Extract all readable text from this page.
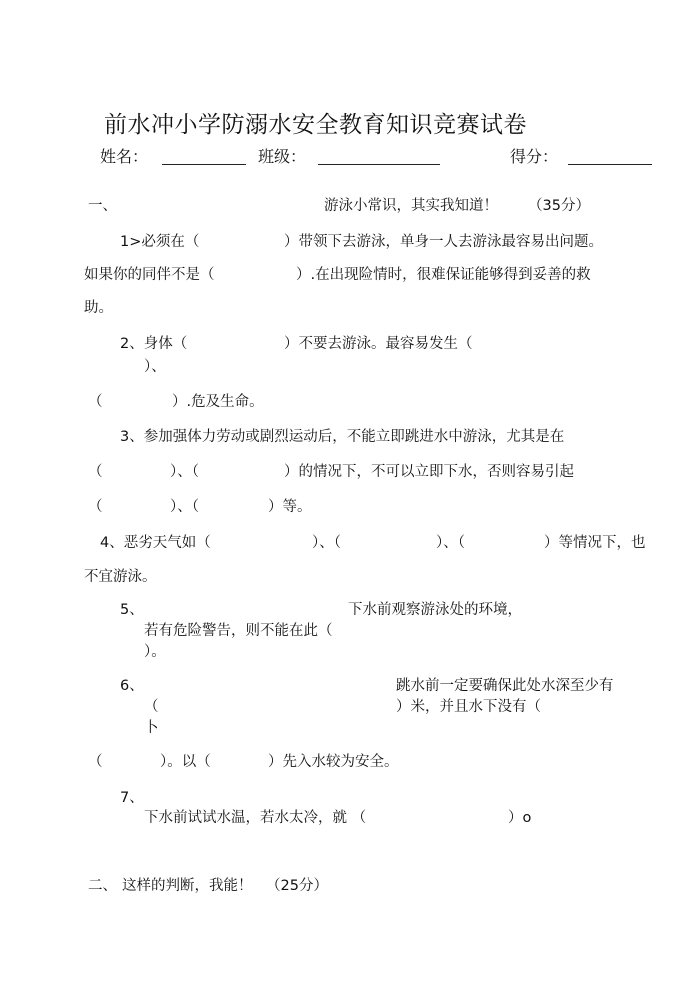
前水冲小学防溺水安全教育知识竞赛试卷
姓名：	班级：	得分：
一、	游泳小常识，其实我知道！ （35分）
1>必须在（	）带领下去游泳，单身一人去游泳最容易出问题。
如果你的同伴不是（	）.在出现险情时，很难保证能够得到妥善的救
助。
2、身体（	）不要去游泳。最容易发生（
）、
（	）.危及生命。
3、参加强体力劳动或剧烈运动后，不能立即跳进水中游泳，尤其是在
（	）、（	）的情况下，不可以立即下水，否则容易引起
（	）、（	）等。
4、恶劣天气如（	）、（	）、（	）等情况下，也
不宜游泳。
5、	下水前观察游泳处的环境，
若有危险警告，则不能在此（
）。
6、	跳水前一定要确保此处水深至少有
（	）米，并且水下没有（
卜
（	）。以（	）先入水较为安全。
7、
下水前试试水温，若水太冷，就 （	）o
二、 这样的判断，我能！ （25分）
